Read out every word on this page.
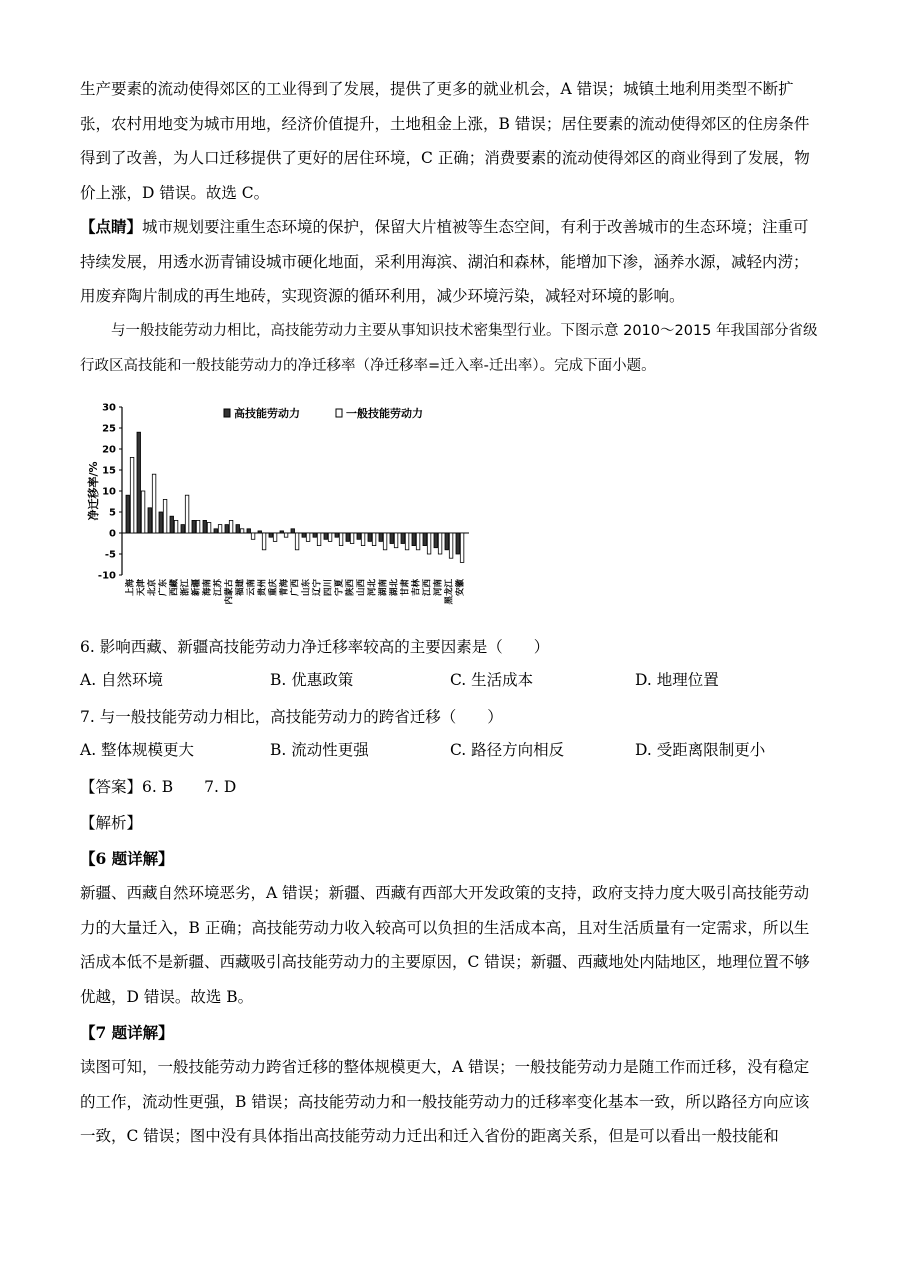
生产要素的流动使得郊区的工业得到了发展，提供了更多的就业机会，A 错误；城镇土地利用类型不断扩张，农村用地变为城市用地，经济价值提升，土地租金上涨，B 错误；居住要素的流动使得郊区的住房条件得到了改善，为人口迁移提供了更好的居住环境，C 正确；消费要素的流动使得郊区的商业得到了发展，物价上涨，D 错误。故选 C。

【点睛】城市规划要注重生态环境的保护，保留大片植被等生态空间，有利于改善城市的生态环境；注重可持续发展，用透水沥青铺设城市硬化地面，采利用海滨、湖泊和森林，能增加下渗，涵养水源，减轻内涝；用废弃陶片制成的再生地砖，实现资源的循环利用，减少环境污染，减轻对环境的影响。

与一般技能劳动力相比，高技能劳动力主要从事知识技术密集型行业。下图示意 2010～2015 年我国部分省级行政区高技能和一般技能劳动力的净迁移率（净迁移率=迁入率-迁出率）。完成下面小题。

30
25
20
15
10
5
0
-5
-10
净迁移率/%
高技能劳动力	一般技能劳动力
上海 天津 北京 广东 西藏 浙江 新疆 海南 江苏 内蒙古 福建 云南 贵州 重庆 青海 广西 山东 辽宁 四川 宁夏 陕西 山西 河北 湖南 湖北 甘肃 吉林 江西 河南 黑龙江 安徽

6. 影响西藏、新疆高技能劳动力净迁移率较高的主要因素是（　　）

A. 自然环境	B. 优惠政策	C. 生活成本	D. 地理位置

7. 与一般技能劳动力相比，高技能劳动力的跨省迁移（　　）

A. 整体规模更大	B. 流动性更强	C. 路径方向相反	D. 受距离限制更小

【答案】6. B　　7. D

【解析】

【6 题详解】

新疆、西藏自然环境恶劣，A 错误；新疆、西藏有西部大开发政策的支持，政府支持力度大吸引高技能劳动力的大量迁入，B 正确；高技能劳动力收入较高可以负担的生活成本高，且对生活质量有一定需求，所以生活成本低不是新疆、西藏吸引高技能劳动力的主要原因，C 错误；新疆、西藏地处内陆地区，地理位置不够优越，D 错误。故选 B。

【7 题详解】

读图可知，一般技能劳动力跨省迁移的整体规模更大，A 错误；一般技能劳动力是随工作而迁移，没有稳定的工作，流动性更强，B 错误；高技能劳动力和一般技能劳动力的迁移率变化基本一致，所以路径方向应该一致，C 错误；图中没有具体指出高技能劳动力迁出和迁入省份的距离关系，但是可以看出一般技能和
